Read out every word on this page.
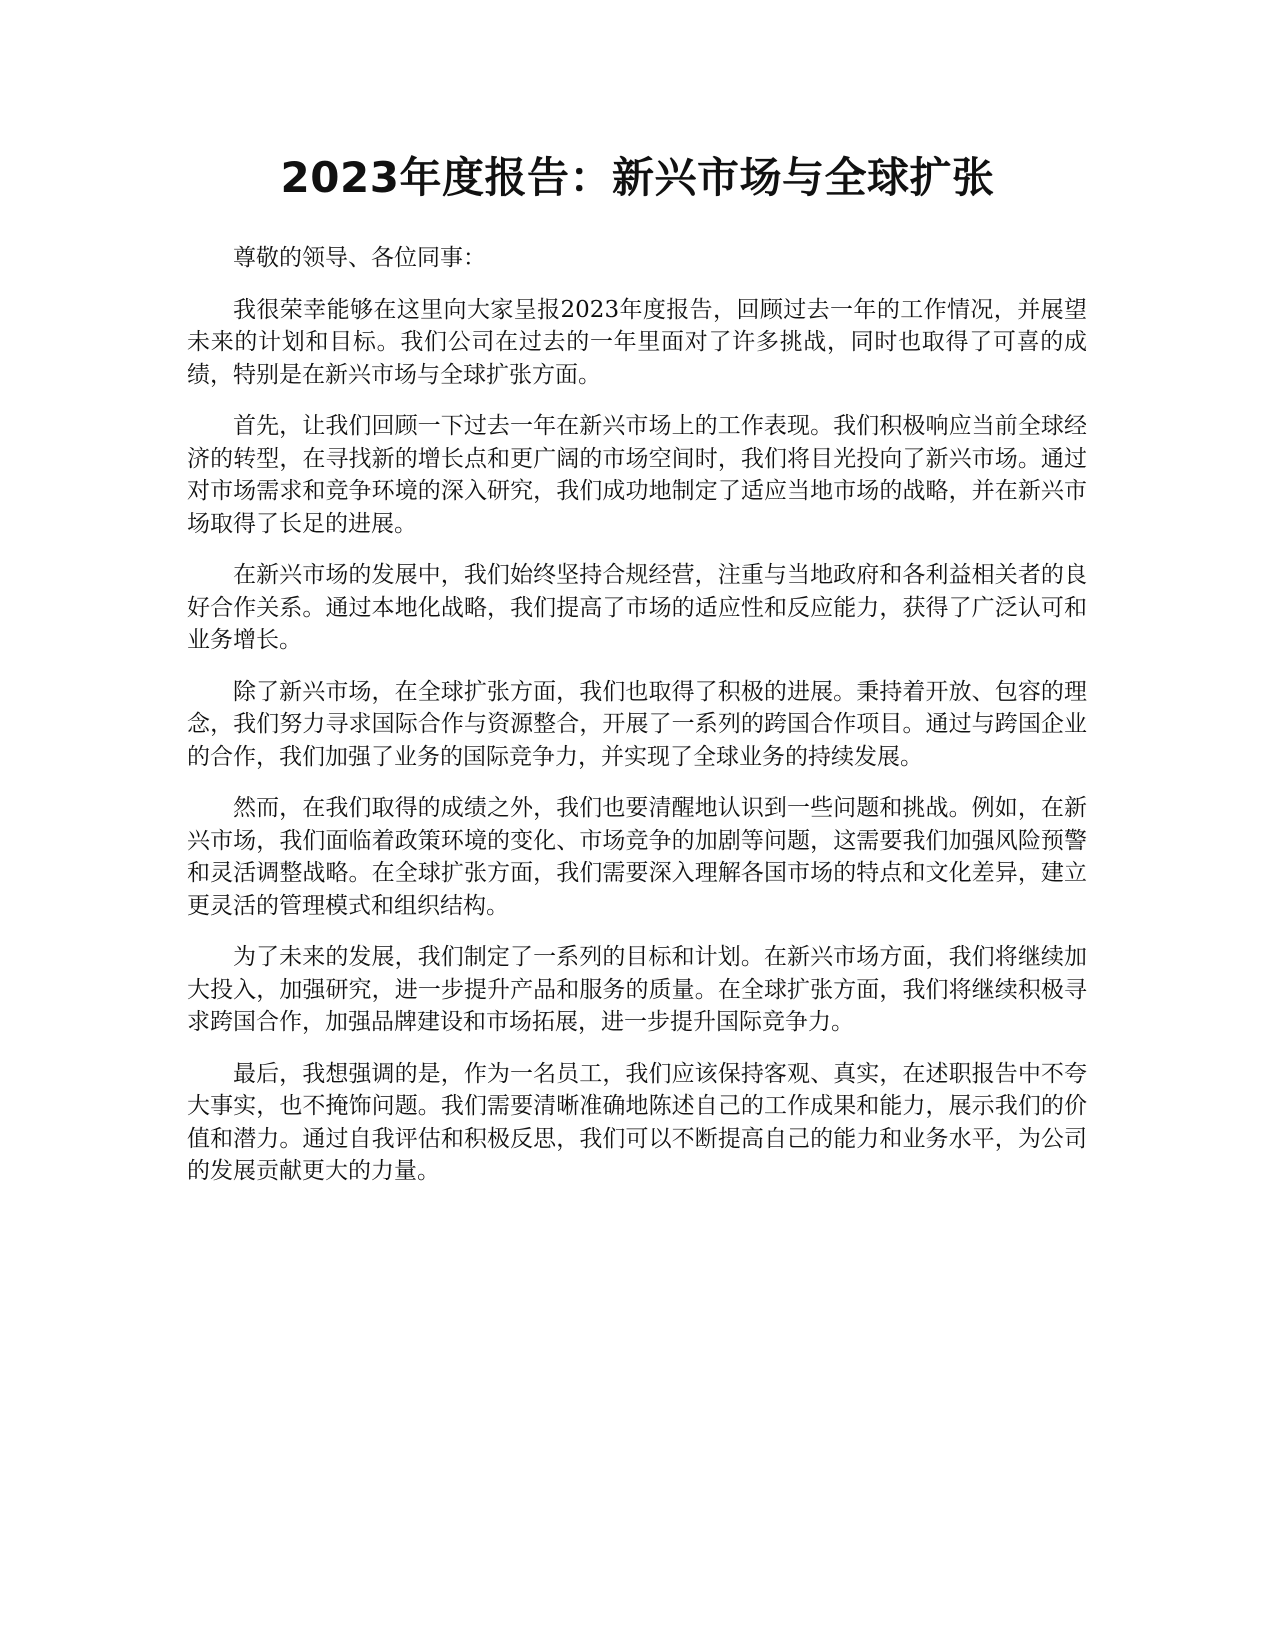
2023年度报告：新兴市场与全球扩张

尊敬的领导、各位同事：

我很荣幸能够在这里向大家呈报2023年度报告，回顾过去一年的工作情况，并展望未来的计划和目标。我们公司在过去的一年里面对了许多挑战，同时也取得了可喜的成绩，特别是在新兴市场与全球扩张方面。

首先，让我们回顾一下过去一年在新兴市场上的工作表现。我们积极响应当前全球经济的转型，在寻找新的增长点和更广阔的市场空间时，我们将目光投向了新兴市场。通过对市场需求和竞争环境的深入研究，我们成功地制定了适应当地市场的战略，并在新兴市场取得了长足的进展。

在新兴市场的发展中，我们始终坚持合规经营，注重与当地政府和各利益相关者的良好合作关系。通过本地化战略，我们提高了市场的适应性和反应能力，获得了广泛认可和业务增长。

除了新兴市场，在全球扩张方面，我们也取得了积极的进展。秉持着开放、包容的理念，我们努力寻求国际合作与资源整合，开展了一系列的跨国合作项目。通过与跨国企业的合作，我们加强了业务的国际竞争力，并实现了全球业务的持续发展。

然而，在我们取得的成绩之外，我们也要清醒地认识到一些问题和挑战。例如，在新兴市场，我们面临着政策环境的变化、市场竞争的加剧等问题，这需要我们加强风险预警和灵活调整战略。在全球扩张方面，我们需要深入理解各国市场的特点和文化差异，建立更灵活的管理模式和组织结构。

为了未来的发展，我们制定了一系列的目标和计划。在新兴市场方面，我们将继续加大投入，加强研究，进一步提升产品和服务的质量。在全球扩张方面，我们将继续积极寻求跨国合作，加强品牌建设和市场拓展，进一步提升国际竞争力。

最后，我想强调的是，作为一名员工，我们应该保持客观、真实，在述职报告中不夸大事实，也不掩饰问题。我们需要清晰准确地陈述自己的工作成果和能力，展示我们的价值和潜力。通过自我评估和积极反思，我们可以不断提高自己的能力和业务水平，为公司的发展贡献更大的力量。
